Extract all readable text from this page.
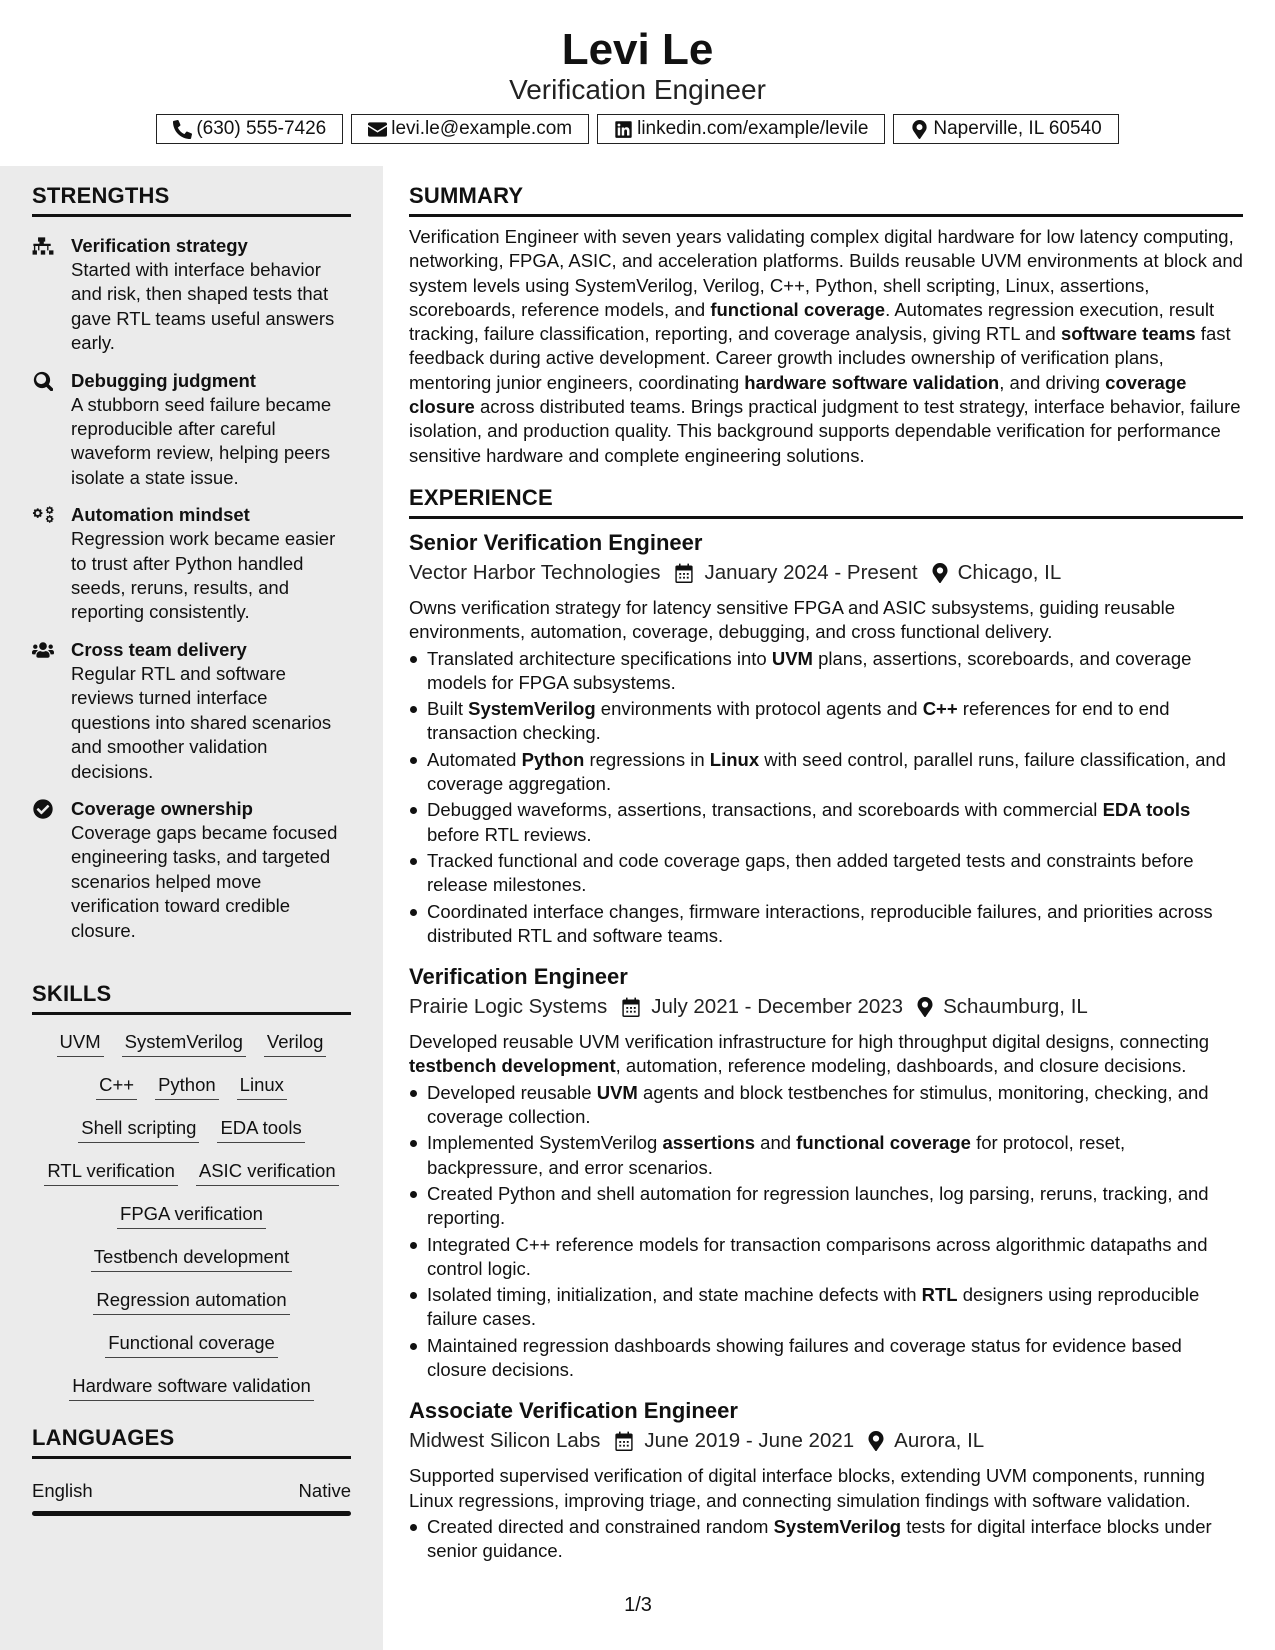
Levi Le
Verification Engineer
(630) 555-7426	levi.le@example.com	linkedin.com/example/levile	Naperville, IL 60540
STRENGTHS
Verification strategy
Started with interface behavior and risk, then shaped tests that gave RTL teams useful answers early.
Debugging judgment
A stubborn seed failure became reproducible after careful waveform review, helping peers isolate a state issue.
Automation mindset
Regression work became easier to trust after Python handled seeds, reruns, results, and reporting consistently.
Cross team delivery
Regular RTL and software reviews turned interface questions into shared scenarios and smoother validation decisions.
Coverage ownership
Coverage gaps became focused engineering tasks, and targeted scenarios helped move verification toward credible closure.
SKILLS
UVM SystemVerilog Verilog
C++ Python Linux
Shell scripting EDA tools
RTL verification ASIC verification
FPGA verification
Testbench development
Regression automation
Functional coverage
Hardware software validation
LANGUAGES
English	Native
SUMMARY

Verification Engineer with seven years validating complex digital hardware for low latency computing, networking, FPGA, ASIC, and acceleration platforms. Builds reusable UVM environments at block and system levels using SystemVerilog, Verilog, C++, Python, shell scripting, Linux, assertions, scoreboards, reference models, and functional coverage. Automates regression execution, result tracking, failure classification, reporting, and coverage analysis, giving RTL and software teams fast feedback during active development. Career growth includes ownership of verification plans, mentoring junior engineers, coordinating hardware software validation, and driving coverage closure across distributed teams. Brings practical judgment to test strategy, interface behavior, failure isolation, and production quality. This background supports dependable verification for performance sensitive hardware and complete engineering solutions.

EXPERIENCE
Senior Verification Engineer
Vector Harbor Technologies January 2024 - Present Chicago, IL

Owns verification strategy for latency sensitive FPGA and ASIC subsystems, guiding reusable environments, automation, coverage, debugging, and cross functional delivery.

Translated architecture specifications into UVM plans, assertions, scoreboards, and coverage models for FPGA subsystems.
Built SystemVerilog environments with protocol agents and C++ references for end to end transaction checking.
Automated Python regressions in Linux with seed control, parallel runs, failure classification, and coverage aggregation.
Debugged waveforms, assertions, transactions, and scoreboards with commercial EDA tools before RTL reviews.
Tracked functional and code coverage gaps, then added targeted tests and constraints before release milestones.
Coordinated interface changes, firmware interactions, reproducible failures, and priorities across distributed RTL and software teams.
Verification Engineer
Prairie Logic Systems July 2021 - December 2023 Schaumburg, IL

Developed reusable UVM verification infrastructure for high throughput digital designs, connecting testbench development, automation, reference modeling, dashboards, and closure decisions.

Developed reusable UVM agents and block testbenches for stimulus, monitoring, checking, and coverage collection.
Implemented SystemVerilog assertions and functional coverage for protocol, reset, backpressure, and error scenarios.
Created Python and shell automation for regression launches, log parsing, reruns, tracking, and reporting.
Integrated C++ reference models for transaction comparisons across algorithmic datapaths and control logic.
Isolated timing, initialization, and state machine defects with RTL designers using reproducible failure cases.
Maintained regression dashboards showing failures and coverage status for evidence based closure decisions.
Associate Verification Engineer
Midwest Silicon Labs June 2019 - June 2021 Aurora, IL

Supported supervised verification of digital interface blocks, extending UVM components, running Linux regressions, improving triage, and connecting simulation findings with software validation.

Created directed and constrained random SystemVerilog tests for digital interface blocks under senior guidance.
1/3
